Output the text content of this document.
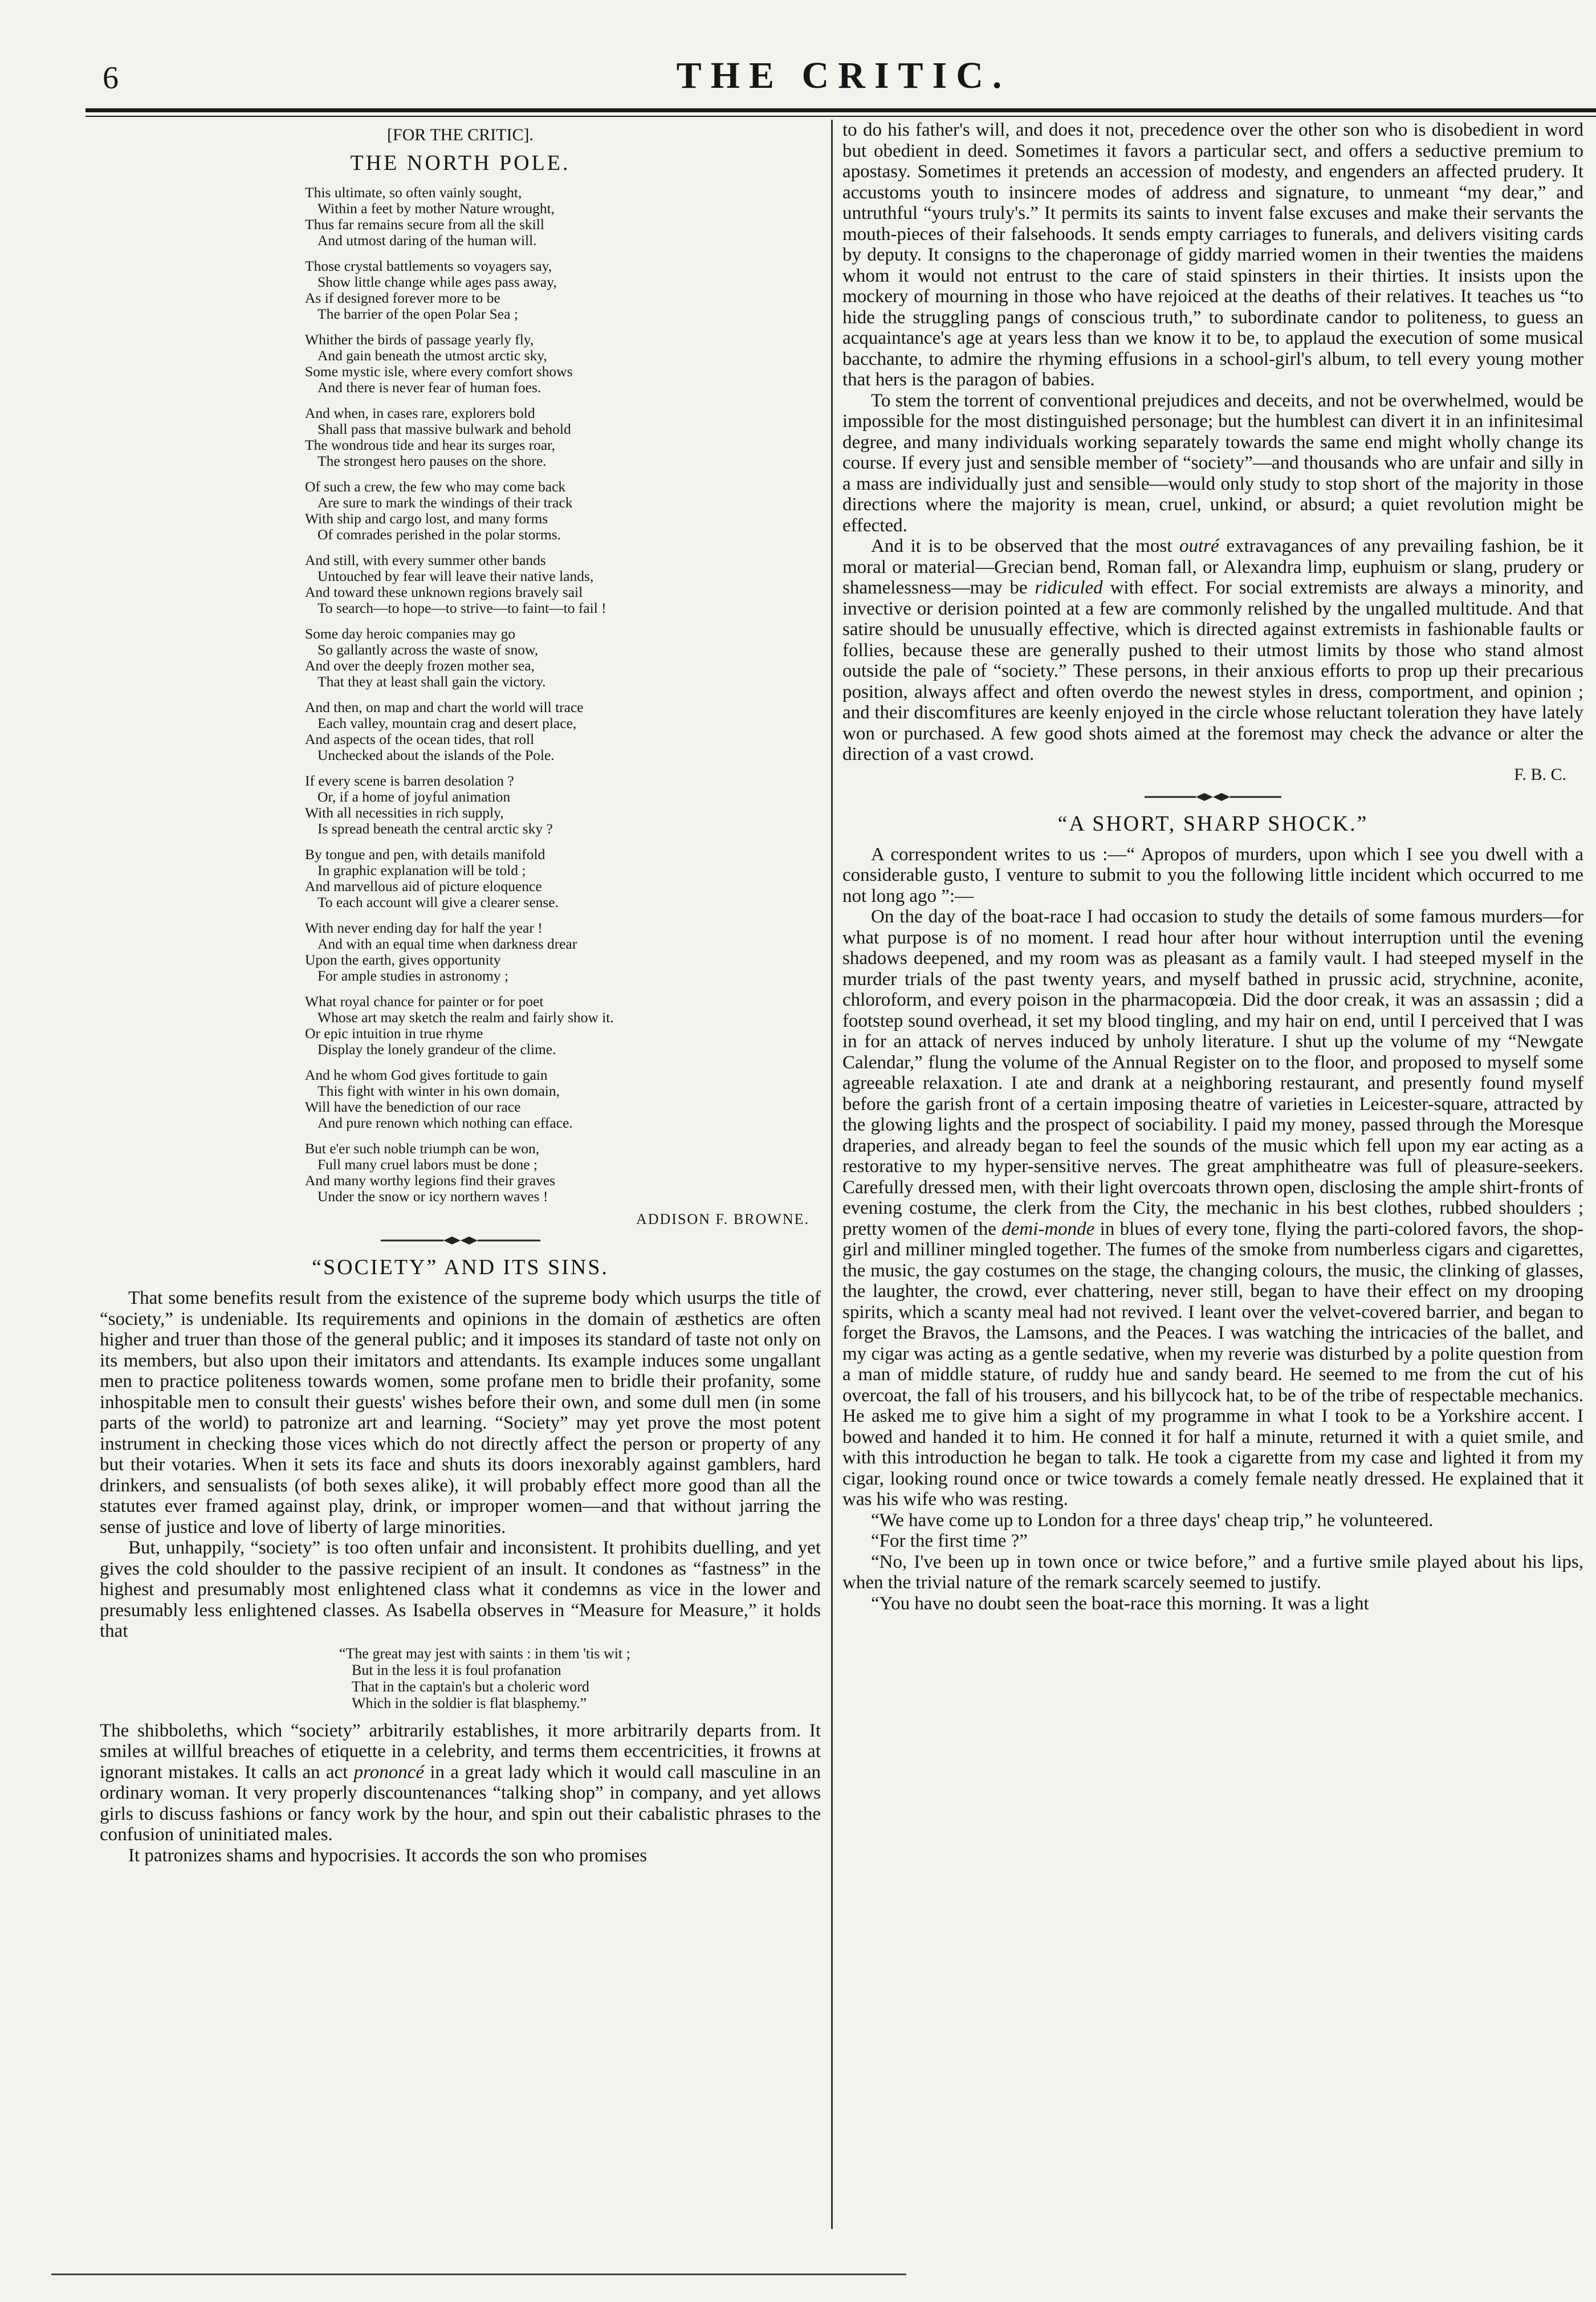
6	THE CRITIC.
[FOR THE CRITIC].
THE NORTH POLE.
This ultimate, so often vainly sought,
Within a feet by mother Nature wrought,
Thus far remains secure from all the skill
And utmost daring of the human will.
Those crystal battlements so voyagers say,
Show little change while ages pass away,
As if designed forever more to be
The barrier of the open Polar Sea ;
Whither the birds of passage yearly fly,
And gain beneath the utmost arctic sky,
Some mystic isle, where every comfort shows
And there is never fear of human foes.
And when, in cases rare, explorers bold
Shall pass that massive bulwark and behold
The wondrous tide and hear its surges roar,
The strongest hero pauses on the shore.
Of such a crew, the few who may come back
Are sure to mark the windings of their track
With ship and cargo lost, and many forms
Of comrades perished in the polar storms.
And still, with every summer other bands
Untouched by fear will leave their native lands,
And toward these unknown regions bravely sail
To search—to hope—to strive—to faint—to fail !
Some day heroic companies may go
So gallantly across the waste of snow,
And over the deeply frozen mother sea,
That they at least shall gain the victory.
And then, on map and chart the world will trace
Each valley, mountain crag and desert place,
And aspects of the ocean tides, that roll
Unchecked about the islands of the Pole.
If every scene is barren desolation ?
Or, if a home of joyful animation
With all necessities in rich supply,
Is spread beneath the central arctic sky ?
By tongue and pen, with details manifold
In graphic explanation will be told ;
And marvellous aid of picture eloquence
To each account will give a clearer sense.
With never ending day for half the year !
And with an equal time when darkness drear
Upon the earth, gives opportunity
For ample studies in astronomy ;
What royal chance for painter or for poet
Whose art may sketch the realm and fairly show it.
Or epic intuition in true rhyme
Display the lonely grandeur of the clime.
And he whom God gives fortitude to gain
This fight with winter in his own domain,
Will have the benediction of our race
And pure renown which nothing can efface.
But e'er such noble triumph can be won,
Full many cruel labors must be done ;
And many worthy legions find their graves
Under the snow or icy northern waves !
ADDISON F. BROWNE.
“SOCIETY” AND ITS SINS.

That some benefits result from the existence of the supreme body which usurps the title of “society,” is undeniable. Its requirements and opinions in the domain of æsthetics are often higher and truer than those of the general public; and it imposes its standard of taste not only on its members, but also upon their imitators and attendants. Its example induces some ungallant men to practice politeness towards women, some profane men to bridle their profanity, some inhospitable men to consult their guests' wishes before their own, and some dull men (in some parts of the world) to patronize art and learning. “Society” may yet prove the most potent instrument in checking those vices which do not directly affect the person or property of any but their votaries. When it sets its face and shuts its doors inexorably against gamblers, hard drinkers, and sensualists (of both sexes alike), it will probably effect more good than all the statutes ever framed against play, drink, or improper women—and that without jarring the sense of justice and love of liberty of large minorities.

But, unhappily, “society” is too often unfair and inconsistent. It prohibits duelling, and yet gives the cold shoulder to the passive recipient of an insult. It condones as “fastness” in the highest and presumably most enlightened class what it condemns as vice in the lower and presumably less enlightened classes. As Isabella observes in “Measure for Measure,” it holds that

“The great may jest with saints : in them 'tis wit ;
But in the less it is foul profanation
That in the captain's but a choleric word
Which in the soldier is flat blasphemy.”

The shibboleths, which “society” arbitrarily establishes, it more arbitrarily departs from. It smiles at willful breaches of etiquette in a celebrity, and terms them eccentricities, it frowns at ignorant mistakes. It calls an act prononcé in a great lady which it would call masculine in an ordinary woman. It very properly discountenances “talking shop” in company, and yet allows girls to discuss fashions or fancy work by the hour, and spin out their cabalistic phrases to the confusion of uninitiated males.

It patronizes shams and hypocrisies. It accords the son who promises

to do his father's will, and does it not, precedence over the other son who is disobedient in word but obedient in deed. Sometimes it favors a particular sect, and offers a seductive premium to apostasy. Sometimes it pretends an accession of modesty, and engenders an affected prudery. It accustoms youth to insincere modes of address and signature, to unmeant “my dear,” and untruthful “yours truly's.” It permits its saints to invent false excuses and make their servants the mouth-pieces of their falsehoods. It sends empty carriages to funerals, and delivers visiting cards by deputy. It consigns to the chaperonage of giddy married women in their twenties the maidens whom it would not entrust to the care of staid spinsters in their thirties. It insists upon the mockery of mourning in those who have rejoiced at the deaths of their relatives. It teaches us “to hide the struggling pangs of conscious truth,” to subordinate candor to politeness, to guess an acquaintance's age at years less than we know it to be, to applaud the execution of some musical bacchante, to admire the rhyming effusions in a school-girl's album, to tell every young mother that hers is the paragon of babies.

To stem the torrent of conventional prejudices and deceits, and not be overwhelmed, would be impossible for the most distinguished personage; but the humblest can divert it in an infinitesimal degree, and many individuals working separately towards the same end might wholly change its course. If every just and sensible member of “society”—and thousands who are unfair and silly in a mass are individually just and sensible—would only study to stop short of the majority in those directions where the majority is mean, cruel, unkind, or absurd; a quiet revolution might be effected.

And it is to be observed that the most outré extravagances of any prevailing fashion, be it moral or material—Grecian bend, Roman fall, or Alexandra limp, euphuism or slang, prudery or shamelessness—may be ridiculed with effect. For social extremists are always a minority, and invective or derision pointed at a few are commonly relished by the ungalled multitude. And that satire should be unusually effective, which is directed against extremists in fashionable faults or follies, because these are generally pushed to their utmost limits by those who stand almost outside the pale of “society.” These persons, in their anxious efforts to prop up their precarious position, always affect and often overdo the newest styles in dress, comportment, and opinion ; and their discomfitures are keenly enjoyed in the circle whose reluctant toleration they have lately won or purchased. A few good shots aimed at the foremost may check the advance or alter the direction of a vast crowd.

F. B. C.
“A SHORT, SHARP SHOCK.”

A correspondent writes to us :—“ Apropos of murders, upon which I see you dwell with a considerable gusto, I venture to submit to you the following little incident which occurred to me not long ago ”:—

On the day of the boat-race I had occasion to study the details of some famous murders—for what purpose is of no moment. I read hour after hour without interruption until the evening shadows deepened, and my room was as pleasant as a family vault. I had steeped myself in the murder trials of the past twenty years, and myself bathed in prussic acid, strychnine, aconite, chloroform, and every poison in the pharmacopœia. Did the door creak, it was an assassin ; did a footstep sound overhead, it set my blood tingling, and my hair on end, until I perceived that I was in for an attack of nerves induced by unholy literature. I shut up the volume of my “Newgate Calendar,” flung the volume of the Annual Register on to the floor, and proposed to myself some agreeable relaxation. I ate and drank at a neighboring restaurant, and presently found myself before the garish front of a certain imposing theatre of varieties in Leicester-square, attracted by the glowing lights and the prospect of sociability. I paid my money, passed through the Moresque draperies, and already began to feel the sounds of the music which fell upon my ear acting as a restorative to my hyper-sensitive nerves. The great amphitheatre was full of pleasure-seekers. Carefully dressed men, with their light overcoats thrown open, disclosing the ample shirt-fronts of evening costume, the clerk from the City, the mechanic in his best clothes, rubbed shoulders ; pretty women of the demi-monde in blues of every tone, flying the parti-colored favors, the shop-girl and milliner mingled together. The fumes of the smoke from numberless cigars and cigarettes, the music, the gay costumes on the stage, the changing colours, the music, the clinking of glasses, the laughter, the crowd, ever chattering, never still, began to have their effect on my drooping spirits, which a scanty meal had not revived. I leant over the velvet-covered barrier, and began to forget the Bravos, the Lamsons, and the Peaces. I was watching the intricacies of the ballet, and my cigar was acting as a gentle sedative, when my reverie was disturbed by a polite question from a man of middle stature, of ruddy hue and sandy beard. He seemed to me from the cut of his overcoat, the fall of his trousers, and his billycock hat, to be of the tribe of respectable mechanics. He asked me to give him a sight of my programme in what I took to be a Yorkshire accent. I bowed and handed it to him. He conned it for half a minute, returned it with a quiet smile, and with this introduction he began to talk. He took a cigarette from my case and lighted it from my cigar, looking round once or twice towards a comely female neatly dressed. He explained that it was his wife who was resting.

“We have come up to London for a three days' cheap trip,” he volunteered.

“For the first time ?”

“No, I've been up in town once or twice before,” and a furtive smile played about his lips, when the trivial nature of the remark scarcely seemed to justify.

“You have no doubt seen the boat-race this morning. It was a light
